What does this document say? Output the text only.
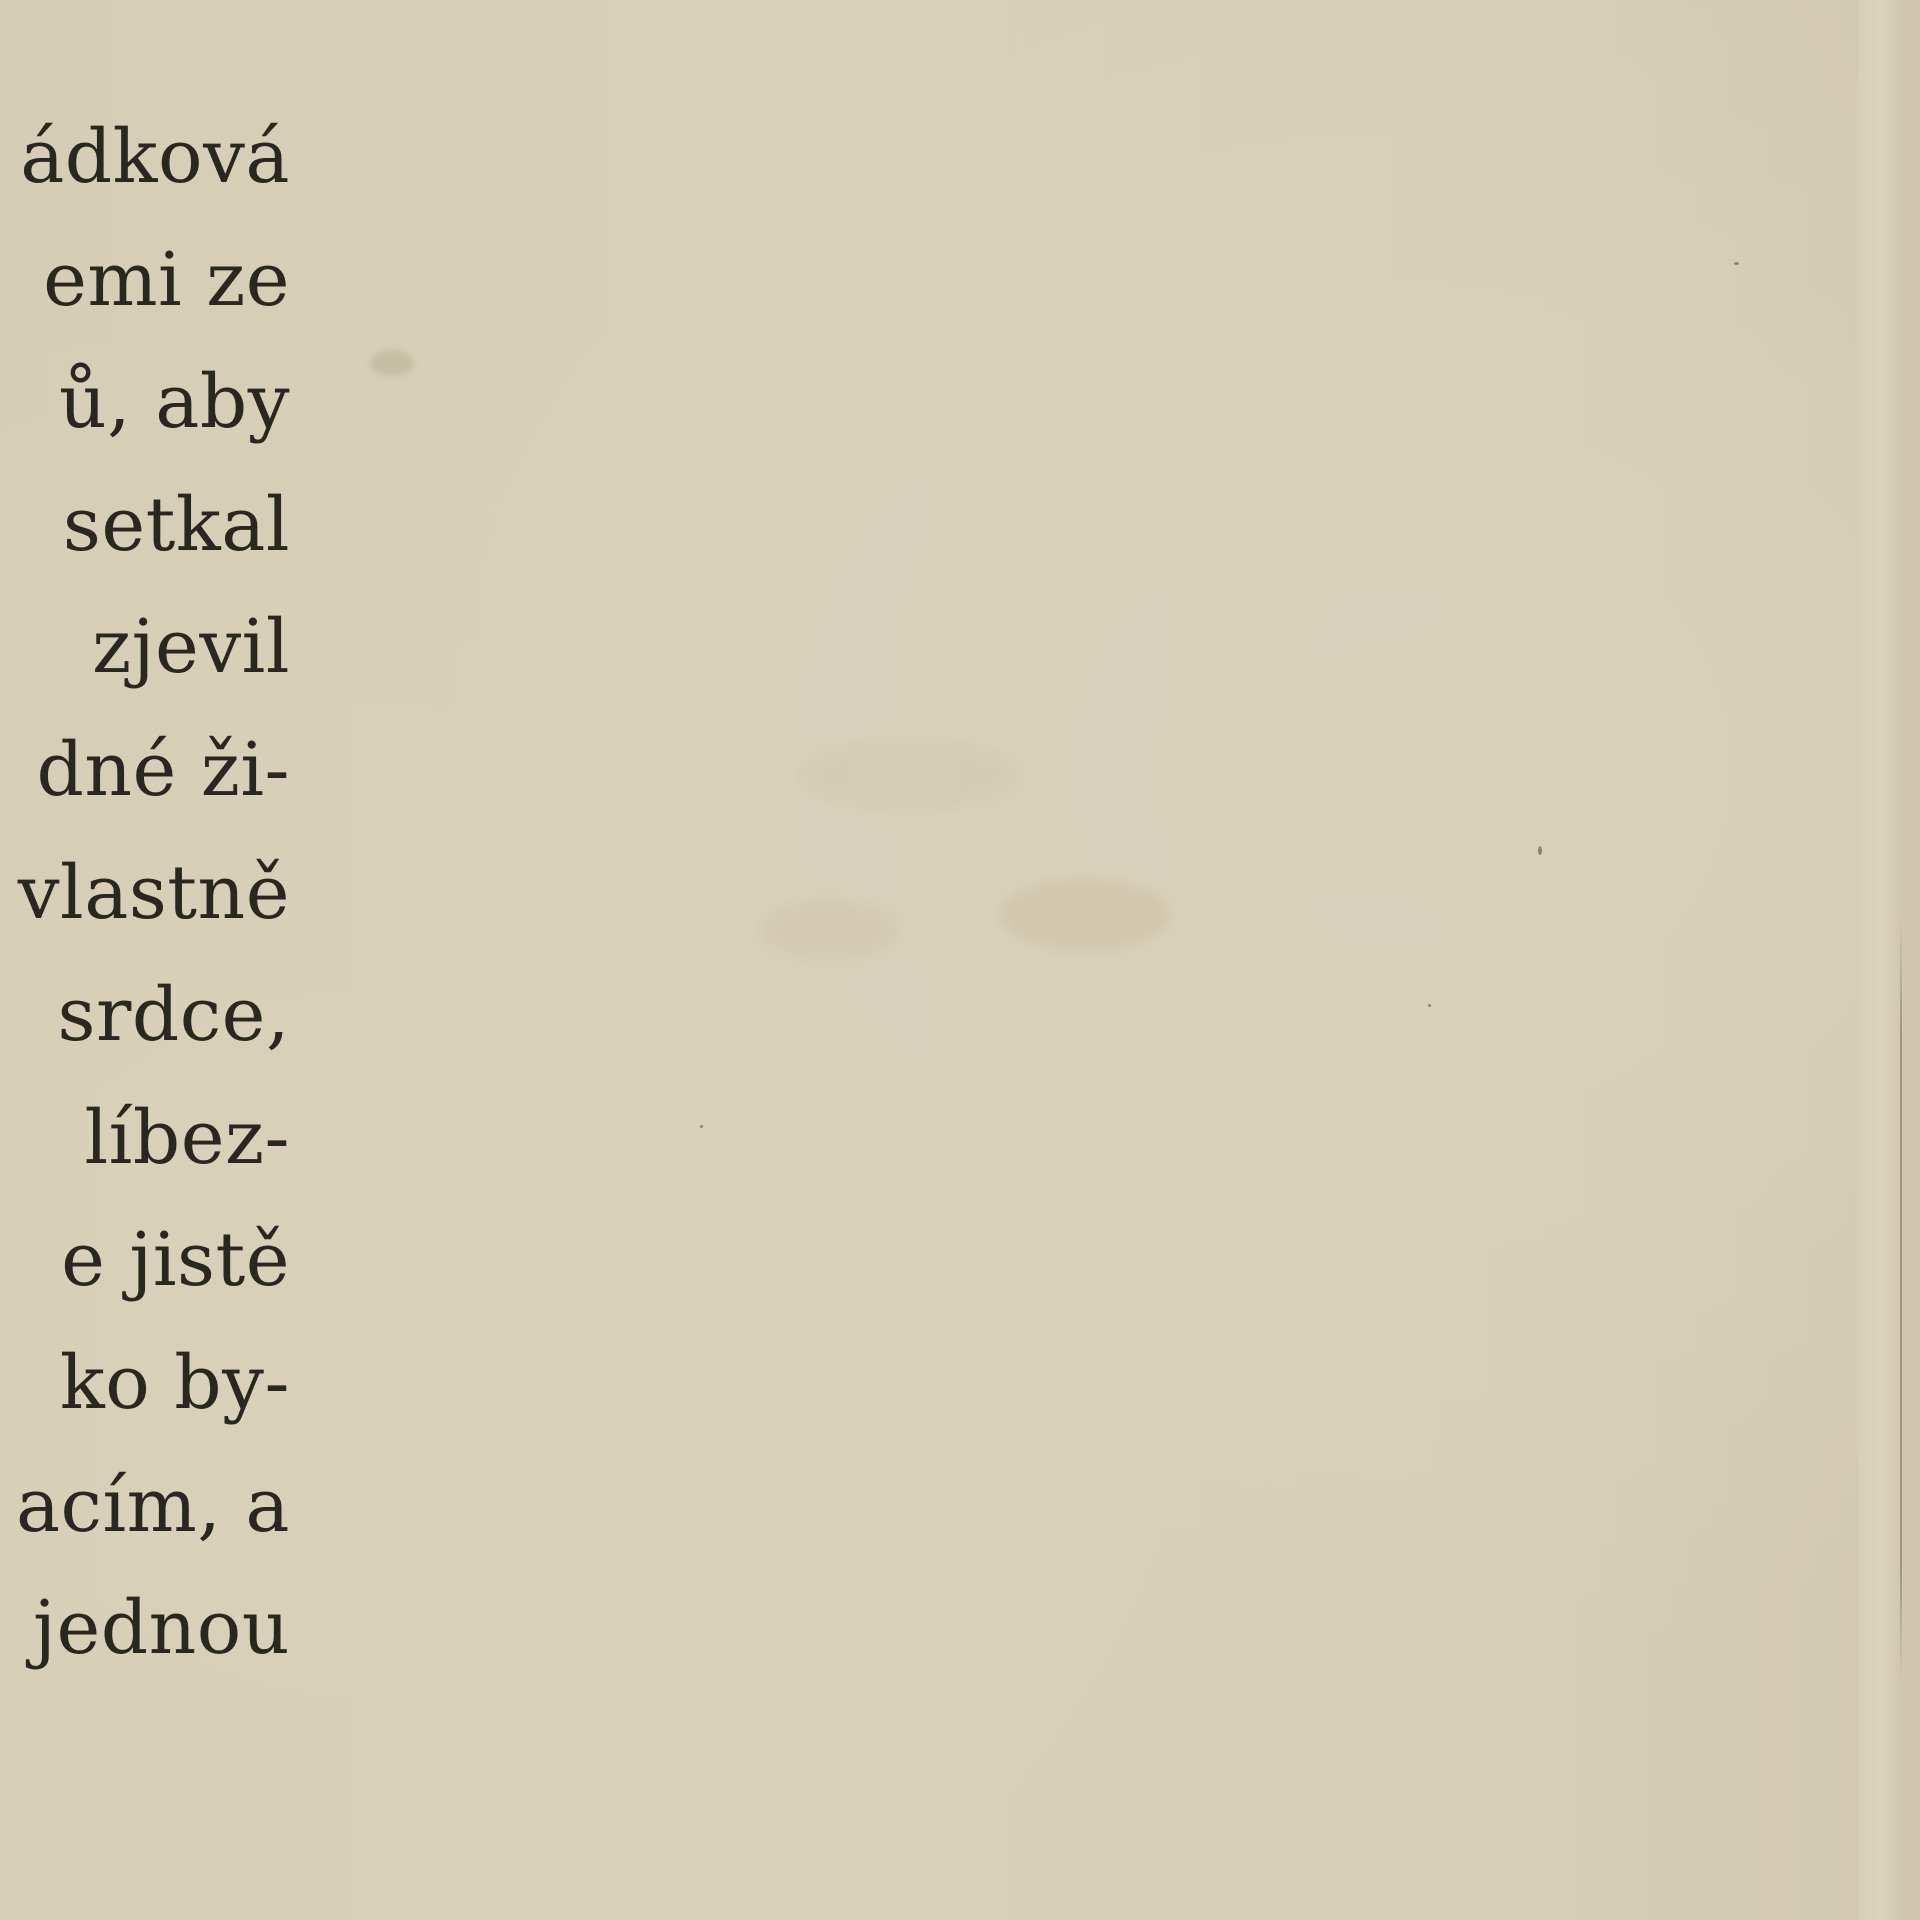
ádková
emi ze
ů, aby
setkal
zjevil
dné ži-
vlastně
srdce,
líbez-
e jistě
ko by-
acím, a
jednou
